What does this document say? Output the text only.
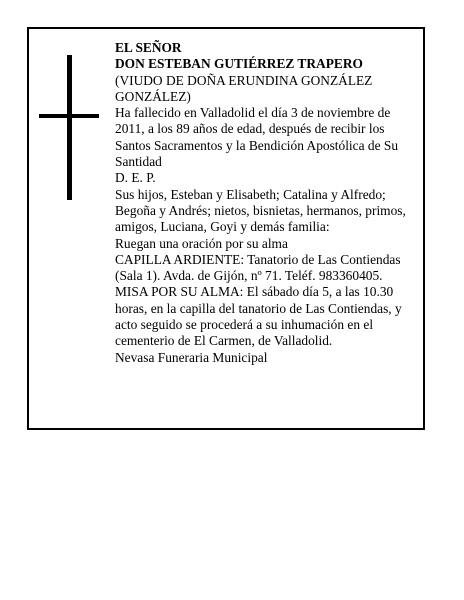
EL SEÑOR

DON ESTEBAN GUTIÉRREZ TRAPERO

(VIUDO DE DOÑA ERUNDINA GONZÁLEZ GONZÁLEZ)

Ha fallecido en Valladolid el día 3 de noviembre de 2011, a los 89 años de edad, después de recibir los Santos Sacramentos y la Bendición Apostólica de Su Santidad

D. E. P.

Sus hijos, Esteban y Elisabeth; Catalina y Alfredo; Begoña y Andrés; nietos, bisnietas, hermanos, primos, amigos, Luciana, Goyi y demás familia:

Ruegan una oración por su alma

CAPILLA ARDIENTE: Tanatorio de Las Contiendas (Sala 1). Avda. de Gijón, nº 71. Teléf. 983360405.

MISA POR SU ALMA: El sábado día 5, a las 10.30 horas, en la capilla del tanatorio de Las Contiendas, y acto seguido se procederá a su inhumación en el cementerio de El Carmen, de Valladolid.

Nevasa Funeraria Municipal
